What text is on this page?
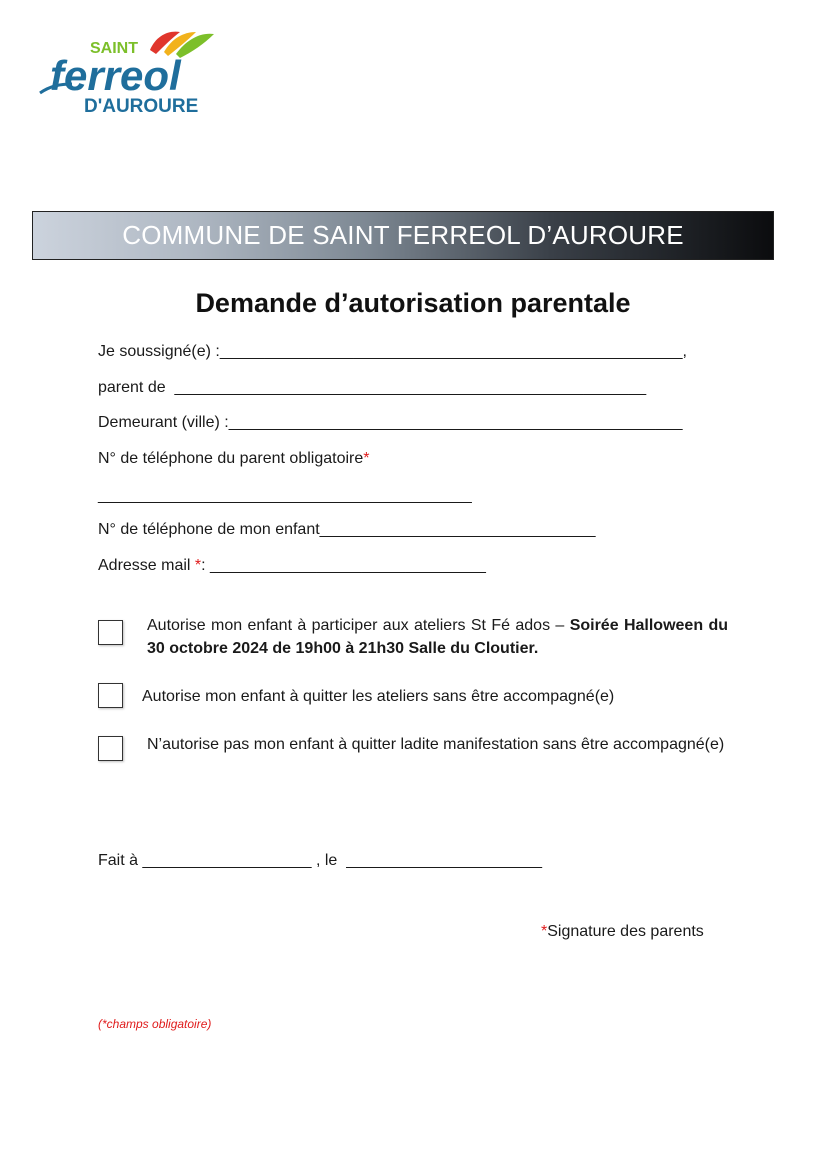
SAINT
ferreol
D'AUROURE
COMMUNE DE SAINT FERREOL D’AUROURE
Demande d’autorisation parentale
Je soussigné(e) :____________________________________________________,
parent de  _____________________________________________________
Demeurant (ville) :___________________________________________________
N° de téléphone du parent obligatoire*
__________________________________________
N° de téléphone de mon enfant_______________________________
Adresse mail *: _______________________________
Autorise mon enfant à participer aux ateliers St Fé ados – Soirée Halloween du 30 octobre 2024 de 19h00 à 21h30 Salle du Cloutier.
Autorise mon enfant à quitter les ateliers sans être accompagné(e)
N’autorise pas mon enfant à quitter ladite manifestation sans être accompagné(e)
Fait à ___________________ , le  ______________________
*Signature des parents
(*champs obligatoire)
